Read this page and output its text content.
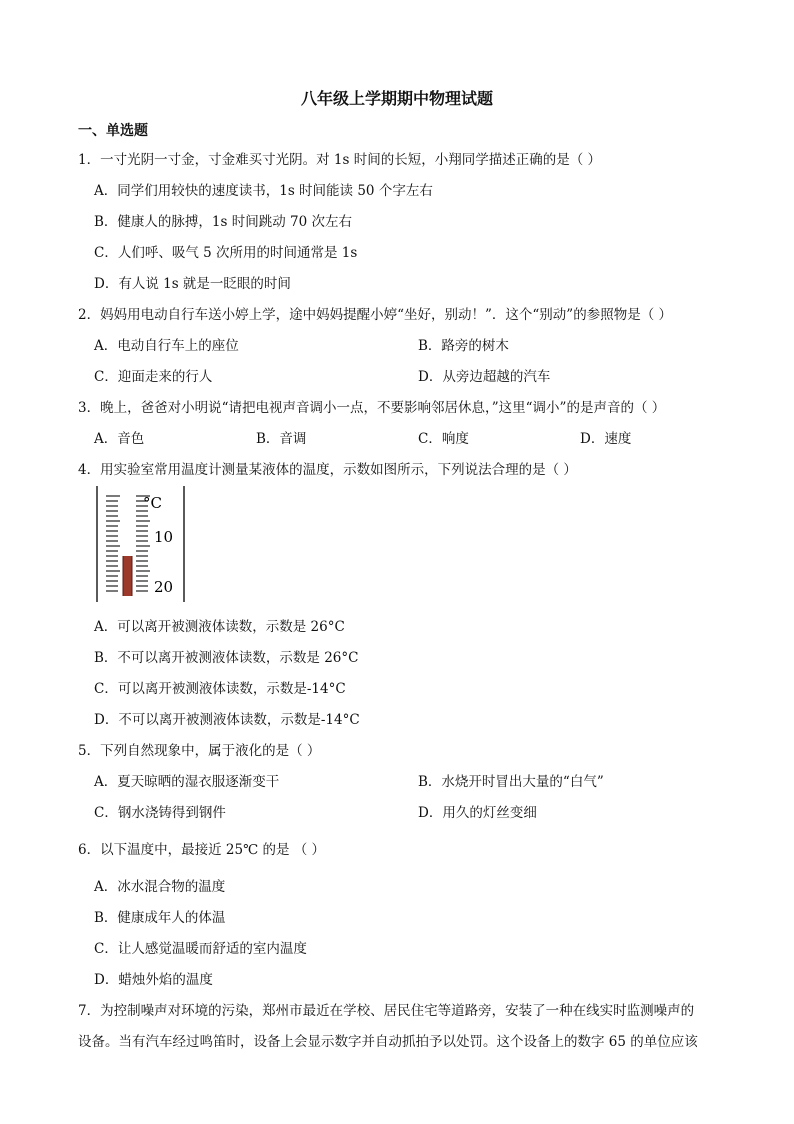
八年级上学期期中物理试题
一、单选题
1．一寸光阴一寸金，寸金难买寸光阴。对 1s 时间的长短，小翔同学描述正确的是（ ）
A．同学们用较快的速度读书，1s 时间能读 50 个字左右
B．健康人的脉搏，1s 时间跳动 70 次左右
C．人们呼、吸气 5 次所用的时间通常是 1s
D．有人说 1s 就是一眨眼的时间
2．妈妈用电动自行车送小婷上学，途中妈妈提醒小婷“坐好，别动！”．这个“别动”的参照物是（ ）
A．电动自行车上的座位	B．路旁的树木
C．迎面走来的行人	D．从旁边超越的汽车
3．晚上，爸爸对小明说“请把电视声音调小一点，不要影响邻居休息，”这里“调小”的是声音的（ ）
A．音色	B．音调	C．响度	D．速度
4．用实验室常用温度计测量某液体的温度，示数如图所示，下列说法合理的是（ ）
°C
10
20
A．可以离开被测液体读数，示数是 26°C
B．不可以离开被测液体读数，示数是 26°C
C．可以离开被测液体读数，示数是-14°C
D．不可以离开被测液体读数，示数是-14°C
5．下列自然现象中，属于液化的是（ ）
A．夏天晾晒的湿衣服逐渐变干	B．水烧开时冒出大量的“白气”
C．钢水浇铸得到钢件	D．用久的灯丝变细
6．以下温度中，最接近 25℃ 的是 （ ）
A．冰水混合物的温度
B．健康成年人的体温
C．让人感觉温暖而舒适的室内温度
D．蜡烛外焰的温度
7．为控制噪声对环境的污染，郑州市最近在学校、居民住宅等道路旁，安装了一种在线实时监测噪声的
设备。当有汽车经过鸣笛时，设备上会显示数字并自动抓拍予以处罚。这个设备上的数字 65 的单位应该
